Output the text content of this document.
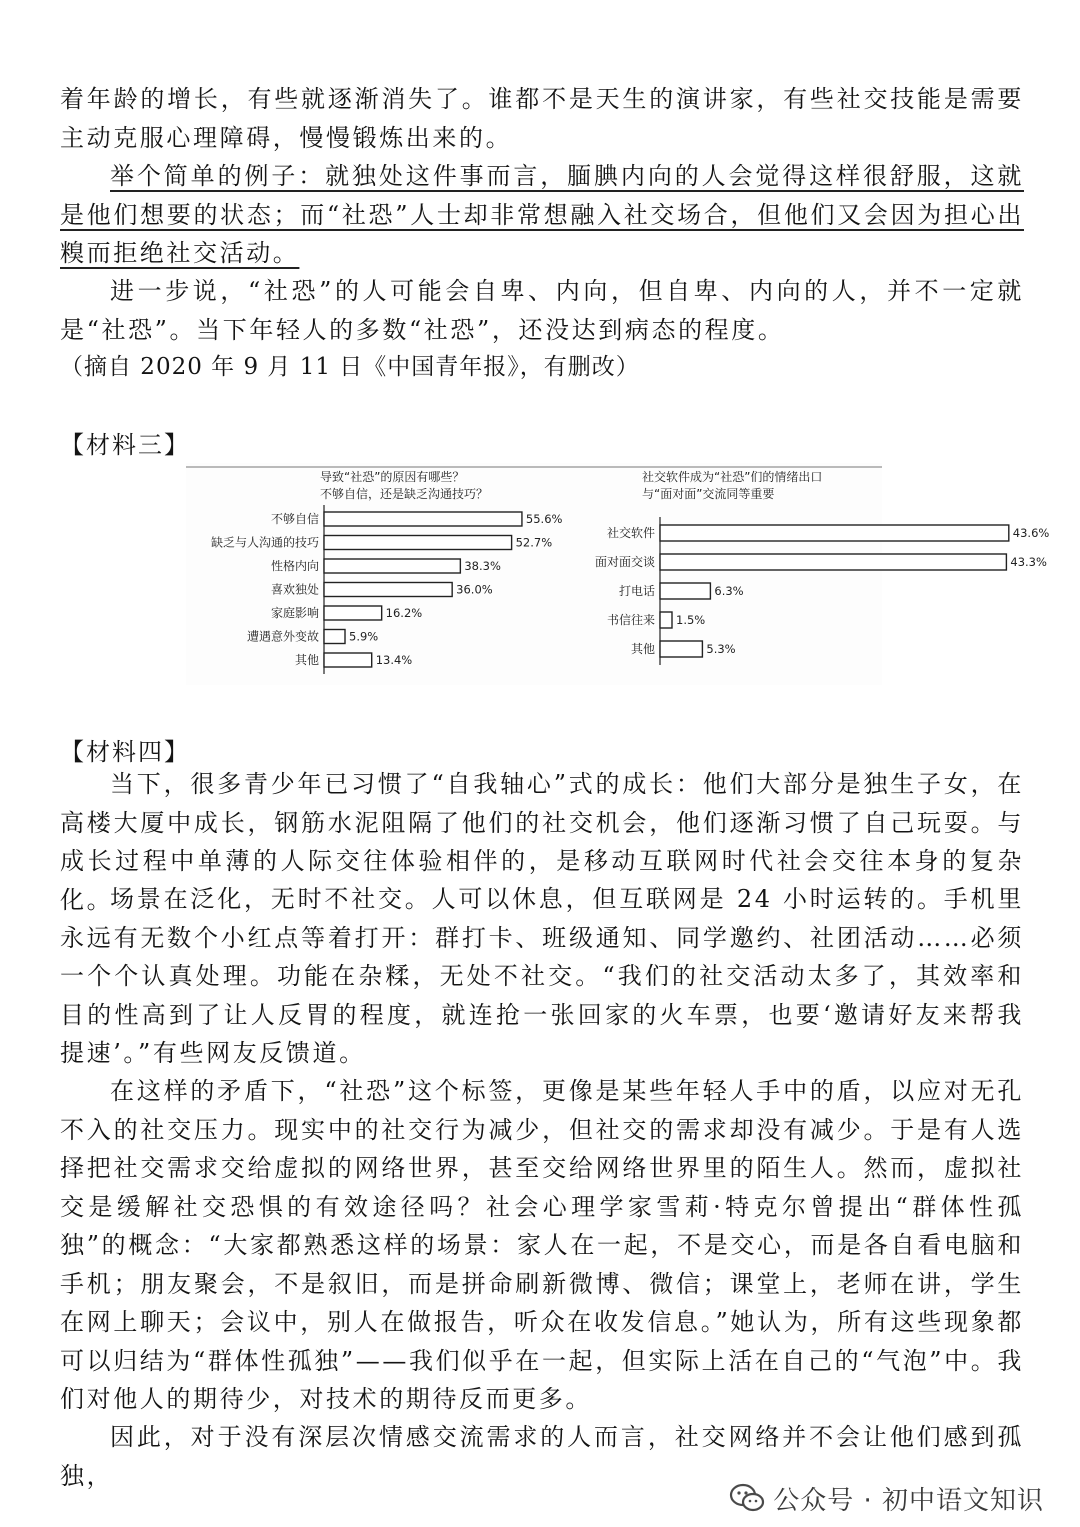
着年龄的增长，有些就逐渐消失了。谁都不是天生的演讲家，有些社交技能是需要主动克服心理障碍，慢慢锻炼出来的。

举个简单的例子：就独处这件事而言，腼腆内向的人会觉得这样很舒服，这就是他们想要的状态；而“社恐”人士却非常想融入社交场合，但他们又会因为担心出糗而拒绝社交活动。

进一步说，“社恐”的人可能会自卑、内向，但自卑、内向的人，并不一定就是“社恐”。当下年轻人的多数“社恐”，还没达到病态的程度。

（摘自 2020 年 9 月 11 日《中国青年报》，有删改）

【材料三】

导致“社恐”的原因有哪些？
不够自信，还是缺乏沟通技巧？
不够自信	55.6%
缺乏与人沟通的技巧	52.7%
性格内向	38.3%
喜欢独处	36.0%
家庭影响	16.2%
遭遇意外变故	5.9%
其他	13.4%
社交软件成为“社恐”们的情绪出口
与“面对面”交流同等重要
社交软件	43.6%
面对面交谈	43.3%
打电话	6.3%
书信往来 1.5%
其他	5.3%

【材料四】

当下，很多青少年已习惯了“自我轴心”式的成长：他们大部分是独生子女，在高楼大厦中成长，钢筋水泥阻隔了他们的社交机会，他们逐渐习惯了自己玩耍。与成长过程中单薄的人际交往体验相伴的，是移动互联网时代社会交往本身的复杂化。

场景在泛化，无时不社交。人可以休息，但互联网是 24 小时运转的。手机里永远有无数个小红点等着打开：群打卡、班级通知、同学邀约、社团活动……必须一个个认真处理。功能在杂糅，无处不社交。“我们的社交活动太多了，其效率和目的性高到了让人反胃的程度，就连抢一张回家的火车票，也要‘邀请好友来帮我提速’。”有些网友反馈道。

在这样的矛盾下，“社恐”这个标签，更像是某些年轻人手中的盾，以应对无孔不入的社交压力。现实中的社交行为减少，但社交的需求却没有减少。于是有人选择把社交需求交给虚拟的网络世界，甚至交给网络世界里的陌生人。然而，虚拟社交是缓解社交恐惧的有效途径吗？社会心理学家雪莉·特克尔曾提出“群体性孤独”的概念：“大家都熟悉这样的场景：家人在一起，不是交心，而是各自看电脑和手机；朋友聚会，不是叙旧，而是拼命刷新微博、微信；课堂上，老师在讲，学生在网上聊天；会议中，别人在做报告，听众在收发信息。”她认为，所有这些现象都可以归结为“群体性孤独”——我们似乎在一起，但实际上活在自己的“气泡”中。我们对他人的期待少，对技术的期待反而更多。

因此，对于没有深层次情感交流需求的人而言，社交网络并不会让他们感到孤独，

公众号 · 初中语文知识
